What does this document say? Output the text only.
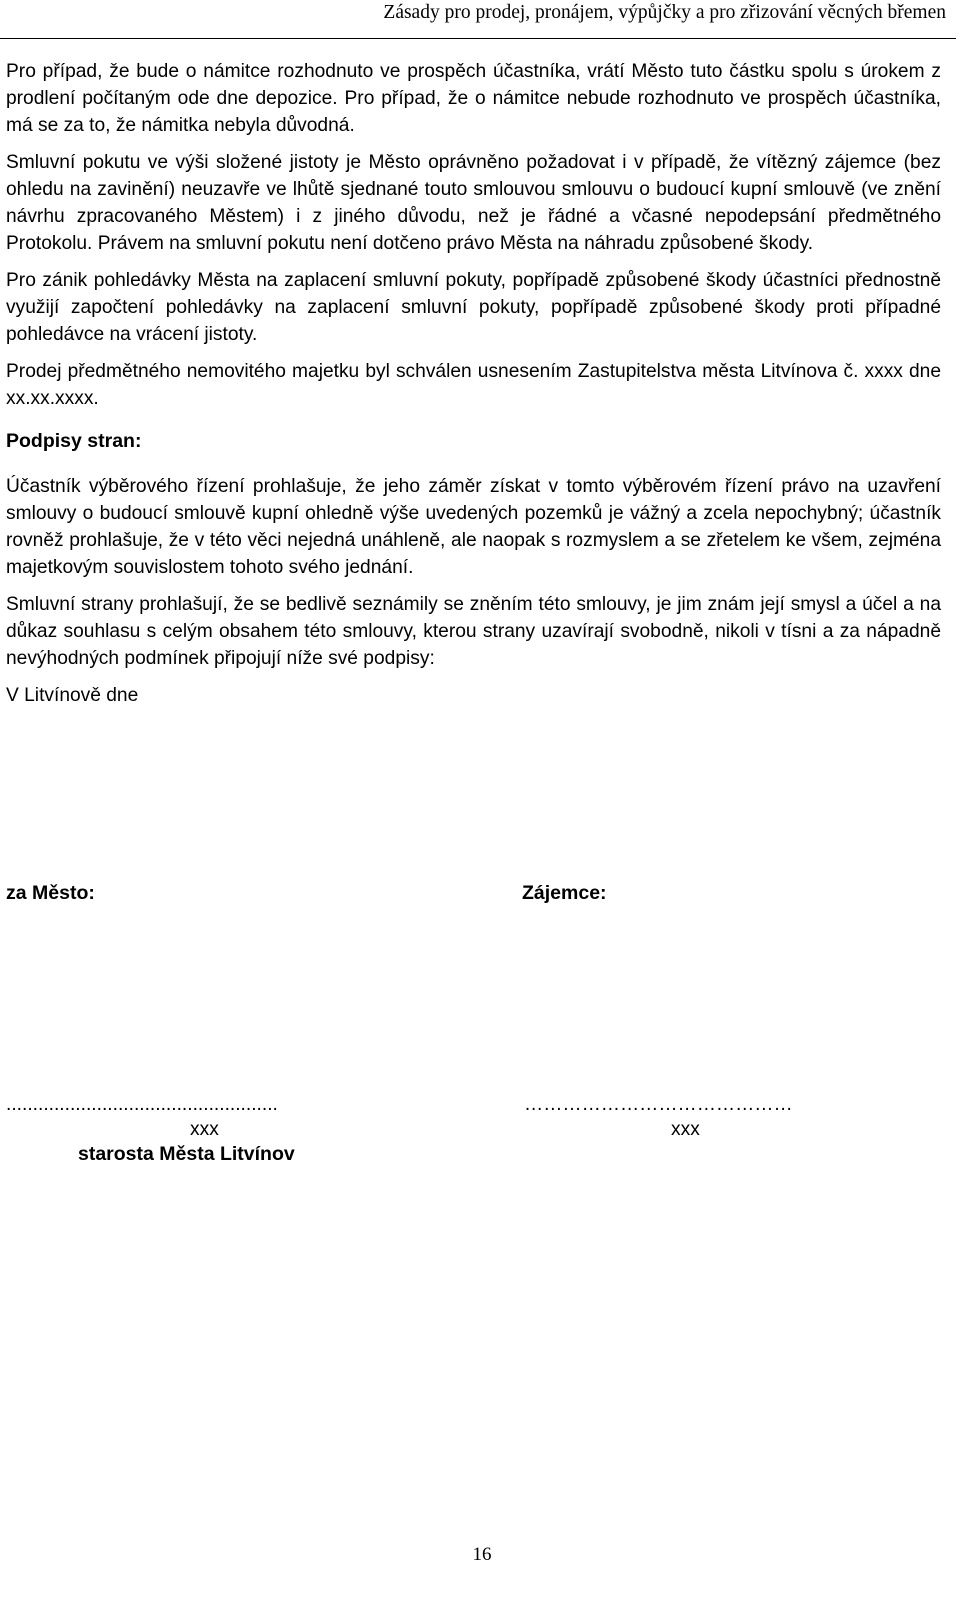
Zásady pro prodej, pronájem, výpůjčky a pro zřizování věcných břemen

Pro případ, že bude o námitce rozhodnuto ve prospěch účastníka, vrátí Město tuto částku spolu s úrokem z prodlení počítaným ode dne depozice. Pro případ, že o námitce nebude rozhodnuto ve prospěch účastníka, má se za to, že námitka nebyla důvodná.

Smluvní pokutu ve výši složené jistoty je Město oprávněno požadovat i v případě, že vítězný zájemce (bez ohledu na zavinění) neuzavře ve lhůtě sjednané touto smlouvou smlouvu o budoucí kupní smlouvě (ve znění návrhu zpracovaného Městem) i z jiného důvodu, než je řádné a včasné nepodepsání předmětného Protokolu. Právem na smluvní pokutu není dotčeno právo Města na náhradu způsobené škody.

Pro zánik pohledávky Města na zaplacení smluvní pokuty, popřípadě způsobené škody účastníci přednostně využijí započtení pohledávky na zaplacení smluvní pokuty, popřípadě způsobené škody proti případné pohledávce na vrácení jistoty.

Prodej předmětného nemovitého majetku byl schválen usnesením Zastupitelstva města Litvínova č. xxxx dne xx.xx.xxxx.

Podpisy stran:

Účastník výběrového řízení prohlašuje, že jeho záměr získat v tomto výběrovém řízení právo na uzavření smlouvy o budoucí smlouvě kupní ohledně výše uvedených pozemků je vážný a zcela nepochybný; účastník rovněž prohlašuje, že v této věci nejedná unáhleně, ale naopak s rozmyslem a se zřetelem ke všem, zejména majetkovým souvislostem tohoto svého jednání.

Smluvní strany prohlašují, že se bedlivě seznámily se zněním této smlouvy, je jim znám její smysl a účel a na důkaz souhlasu s celým obsahem této smlouvy, kterou strany uzavírají svobodně, nikoli v tísni a za nápadně nevýhodných podmínek připojují níže své podpisy:

V Litvínově dne

za Město:	Zájemce:
...................................................	……………………………………
xxx	xxx
starosta Města Litvínov
16
